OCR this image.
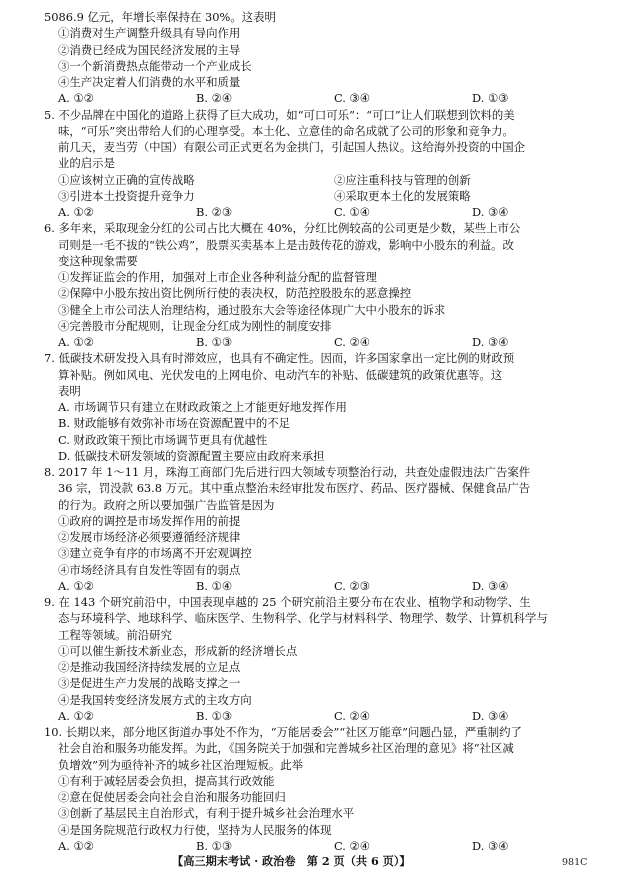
5086.9 亿元，年增长率保持在 30%。这表明
①消费对生产调整升级具有导向作用
②消费已经成为国民经济发展的主导
③一个新消费热点能带动一个产业成长
④生产决定着人们消费的水平和质量
A. ①②	B. ②④	C. ③④	D. ①③
5. 不少品牌在中国化的道路上获得了巨大成功，如“可口可乐”：“可口”让人们联想到饮料的美
味，“可乐”突出带给人们的心理享受。本土化、立意佳的命名成就了公司的形象和竞争力。
前几天，麦当劳（中国）有限公司正式更名为金拱门，引起国人热议。这给海外投资的中国企
业的启示是
①应该树立正确的宣传战略	②应注重科技与管理的创新
③引进本土投资提升竞争力	④采取更本土化的发展策略
A. ①②	B. ②③	C. ①④	D. ③④
6. 多年来，采取现金分红的公司占比大概在 40%，分红比例较高的公司更是少数，某些上市公
司则是一毛不拔的“铁公鸡”，股票买卖基本上是击鼓传花的游戏，影响中小股东的利益。改
变这种现象需要
①发挥证监会的作用，加强对上市企业各种利益分配的监督管理
②保障中小股东按出资比例所行使的表决权，防范控股股东的恶意操控
③健全上市公司法人治理结构，通过股东大会等途径体现广大中小股东的诉求
④完善股市分配规则，让现金分红成为刚性的制度安排
A. ①②	B. ①③	C. ②④	D. ③④
7. 低碳技术研发投入具有时滞效应，也具有不确定性。因而，许多国家拿出一定比例的财政预
算补贴。例如风电、光伏发电的上网电价、电动汽车的补贴、低碳建筑的政策优惠等。这
表明
A. 市场调节只有建立在财政政策之上才能更好地发挥作用
B. 财政能够有效弥补市场在资源配置中的不足
C. 财政政策干预比市场调节更具有优越性
D. 低碳技术研发领域的资源配置主要应由政府来承担
8. 2017 年 1～11 月，珠海工商部门先后进行四大领域专项整治行动，共查处虚假违法广告案件
36 宗，罚没款 63.8 万元。其中重点整治未经审批发布医疗、药品、医疗器械、保健食品广告
的行为。政府之所以要加强广告监管是因为
①政府的调控是市场发挥作用的前提
②发展市场经济必须要遵循经济规律
③建立竞争有序的市场离不开宏观调控
④市场经济具有自发性等固有的弱点
A. ①②	B. ①④	C. ②③	D. ③④
9. 在 143 个研究前沿中，中国表现卓越的 25 个研究前沿主要分布在农业、植物学和动物学、生
态与环境科学、地球科学、临床医学、生物科学、化学与材料科学、物理学、数学、计算机科学与
工程等领域。前沿研究
①可以催生新技术新业态，形成新的经济增长点
②是推动我国经济持续发展的立足点
③是促进生产力发展的战略支撑之一
④是我国转变经济发展方式的主攻方向
A. ①②	B. ①③	C. ②④	D. ③④
10. 长期以来，部分地区街道办事处不作为，“万能居委会”“社区万能章”问题凸显，严重制约了
社会自治和服务功能发挥。为此，《国务院关于加强和完善城乡社区治理的意见》将“社区减
负增效”列为亟待补齐的城乡社区治理短板。此举
①有利于减轻居委会负担，提高其行政效能
②意在促使居委会向社会自治和服务功能回归
③创新了基层民主自治形式，有利于提升城乡社会治理水平
④是国务院规范行政权力行使，坚持为人民服务的体现
A. ①②	B. ①③	C. ②④	D. ③④
【高三期末考试 · 政治卷　第 2 页（共 6 页）】	981C
